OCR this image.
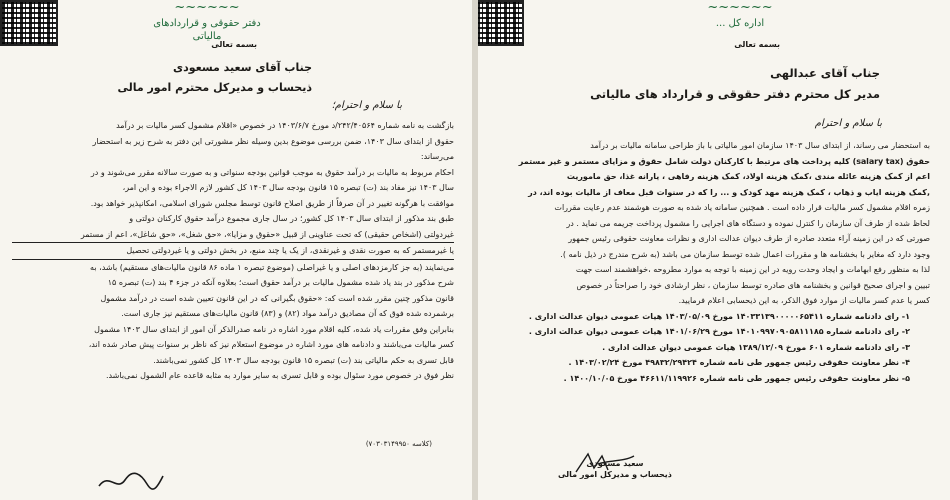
~~~~~~
دفتر حقوقی و قراردادهای مالیاتی
بسمه تعالی
جناب آقای سعید مسعودی
ذیحساب و مدیرکل محترم امور مالی
با سلام و احترام؛

بازگشت به نامه شماره ۲۴۲/۴۰۵۶۴/د مورخ ۱۴۰۳/۶/۷ در خصوص «اقلام مشمول کسر مالیات بر درآمد

حقوق از ابتدای سال ۱۴۰۳، ضمن بررسی موضوع بدین وسیله نظر مشورتی این دفتر به شرح زیر به استحضار

می‌رساند:

احکام مربوط به مالیات بر درآمد حقوق به موجب قوانین بودجه سنواتی و به صورت سالانه مقرر می‌شوند و در

سال ۱۴۰۳ نیز مفاد بند (ت) تبصره ۱۵ قانون بودجه سال ۱۴۰۳ کل کشور لازم الاجراء بوده و این امر،

موافقت با هرگونه تغییر در آن صرفاً از طریق اصلاح قانون توسط مجلس شورای اسلامی، امکانپذیر خواهد بود.

طبق بند مذکور از ابتدای سال ۱۴۰۳ کل کشور؛ در سال جاری مجموع درآمد حقوق کارکنان دولتی و

غیردولتی (اشخاص حقیقی) که تحت عناوینی از قبیل «حقوق و مزایا»، «حق شغل»، «حق شاغل»، اعم از مستمر

یا غیرمستمر که به صورت نقدی و غیرنقدی، از یک یا چند منبع، در بخش دولتی و یا غیردولتی تحصیل

می‌نمایند (به جز کارمزدهای اصلی و یا غیراصلی (موضوع تبصره ۱ ماده ۸۶ قانون مالیات‌های مستقیم) باشد، به

شرح مذکور در بند یاد شده مشمول مالیات بر درآمد حقوق است؛ بعلاوه آنکه در جزء ۴ بند (ت) تبصره ۱۵

قانون مذکور چنین مقرر شده است که: «حقوق بگیرانی که در این قانون تعیین شده است در درآمد مشمول

برشمرده شده فوق که آن مصادیق درآمد مواد (۸۲) و (۸۳) قانون مالیات‌های مستقیم نیز جاری است.

بنابراین وفق مقررات یاد شده، کلیه اقلام مورد اشاره در نامه صدرالذکر آن امور از ابتدای سال ۱۴۰۳ مشمول

کسر مالیات می‌باشند و دادنامه های مورد اشاره در موضوع استعلام نیز که ناظر بر سنوات پیش صادر شده اند،

قابل تسری به حکم مالیاتی بند (ت) تبصره ۱۵ قانون بودجه سال ۱۴۰۳ کل کشور نمی‌باشند.

نظر فوق در خصوص مورد سئوال بوده و قابل تسری به سایر موارد به مثابه قاعده عام الشمول نمی‌باشد.

(کلاسه ۷۰۳۰۳۱۴۹۹۵۰)
~~~~~~
اداره کل ...
بسمه تعالی
جناب آقای عبدالهی
مدیر کل محترم دفتر حقوقی و قرارداد های مالیاتی
با سلام و احترام

به استحضار می رساند، از ابتدای سال ۱۴۰۳ سازمان امور مالیاتی با باز طراحی سامانه مالیات بر درآمد

حقوق (salary tax) کلیه پرداخت های مرتبط با کارکنان دولت شامل حقوق و مزایای مستمر و غیر مستمر

اعم از کمک هزینه عائله مندی ،کمک هزینه اولاد، کمک هزینه رفاهی ، یارانه غذا، حق ماموریت

,کمک هزینه ایاب و ذهاب ، کمک هزینه مهد کودک و ... را که در سنوات قبل معاف از مالیات بوده اند، در

زمره اقلام مشمول کسر مالیات قرار داده است . همچنین سامانه یاد شده به صورت هوشمند عدم رعایت مقررات

لحاظ شده از طرف آن سازمان را کنترل نموده و دستگاه های اجرایی را مشمول پرداخت جریمه می نماید . در

صورتی که در این زمینه آراء متعدد صادره از طرف دیوان عدالت اداری و نظرات معاونت حقوقی رئیس جمهور

وجود دارد که مغایر با بخشنامه ها و مقررات اعمال شده توسط سازمان می باشد (به شرح مندرج در ذیل نامه ).

لذا به منظور رفع ابهامات و ایجاد وحدت رویه در این زمینه با توجه به موارد مطروحه ،خواهشمند است جهت

تبیین و اجرای صحیح قوانین و بخشنامه های صادره توسط سازمان ، نظر ارشادی خود را صراحتاً در خصوص

کسر یا عدم کسر مالیات از موارد فوق الذکر، به این ذیحسابی اعلام فرمایید.

۱- رای دادنامه شماره ۱۴۰۳۳۱۳۹۰۰۰۰۰۶۵۴۱۱ مورخ ۱۴۰۳/۰۵/۰۹ هیات عمومی دیوان عدالت اداری .

۲- رای دادنامه شماره ۱۴۰۱۰۹۹۷۰۹۰۵۸۱۱۱۸۵ مورخ ۱۴۰۱/۰۶/۲۹ هیات عمومی دیوان عدالت اداری .

۳- رای دادنامه شماره ۶۰۱ مورخ ۱۳۸۹/۱۲/۰۹ هیات عمومی دیوان عدالت اداری .

۴- نظر معاونت حقوقی رئیس جمهور طی نامه شماره ۴۹۸۳۲/۲۹۴۲۴ مورخ ۱۴۰۳/۰۲/۲۴ .

۵- نظر معاونت حقوقی رئیس جمهور طی نامه شماره ۴۶۶۱۱/۱۱۹۹۲۶ مورخ ۱۴۰۰/۱۰/۰۵ .

سعید مسعودی
ذیحساب و مدیرکل امور مالی
